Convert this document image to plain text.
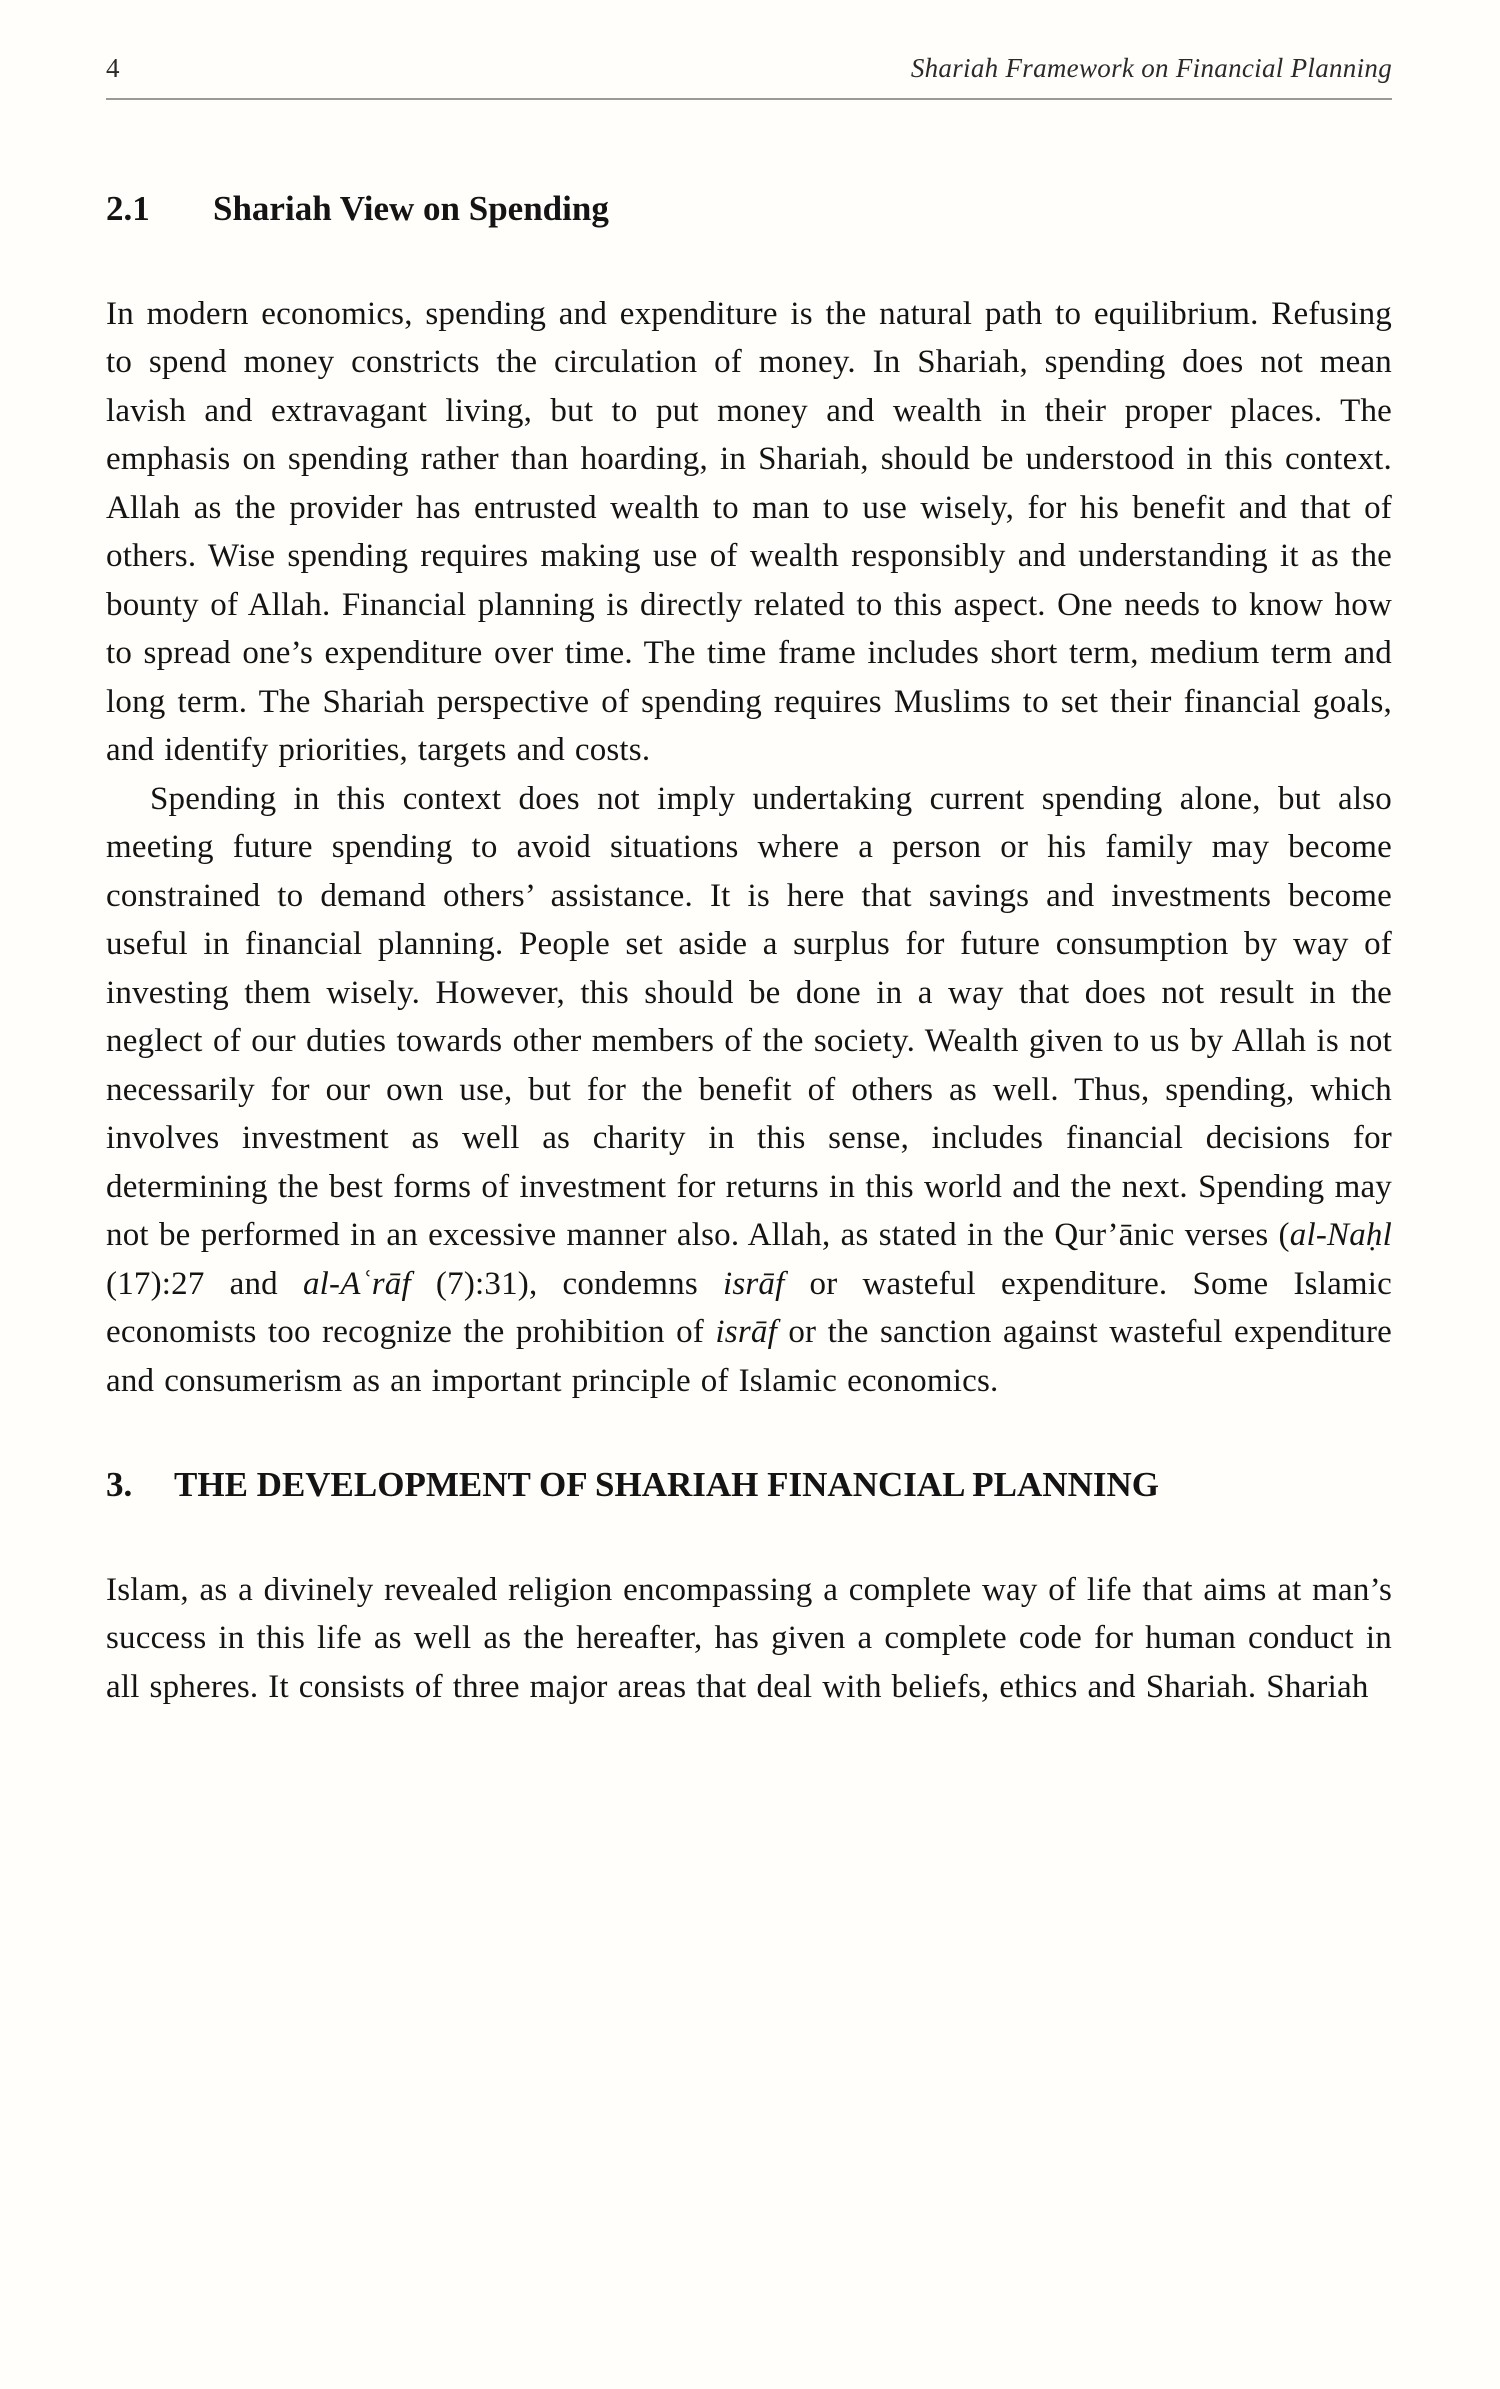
4	Shariah Framework on Financial Planning
2.1	Shariah View on Spending

In modern economics, spending and expenditure is the natural path to equilibrium. Refusing to spend money constricts the circulation of money. In Shariah, spending does not mean lavish and extravagant living, but to put money and wealth in their proper places. The emphasis on spending rather than hoarding, in Shariah, should be understood in this context. Allah as the provider has entrusted wealth to man to use wisely, for his benefit and that of others. Wise spending requires making use of wealth responsibly and understanding it as the bounty of Allah. Financial planning is directly related to this aspect. One needs to know how to spread one’s expenditure over time. The time frame includes short term, medium term and long term. The Shariah perspective of spending requires Muslims to set their financial goals, and identify priorities, targets and costs.

Spending in this context does not imply undertaking current spending alone, but also meeting future spending to avoid situations where a person or his family may become constrained to demand others’ assistance. It is here that savings and investments become useful in financial planning. People set aside a surplus for future consumption by way of investing them wisely. However, this should be done in a way that does not result in the neglect of our duties towards other members of the society. Wealth given to us by Allah is not necessarily for our own use, but for the benefit of others as well. Thus, spending, which involves investment as well as charity in this sense, includes financial decisions for determining the best forms of investment for returns in this world and the next. Spending may not be performed in an excessive manner also. Allah, as stated in the Qur’ānic verses (al-Naḥl (17):27 and al-Aʿrāf (7):31), condemns isrāf or wasteful expenditure. Some Islamic economists too recognize the prohibition of isrāf or the sanction against wasteful expenditure and consumerism as an important principle of Islamic economics.

3.	THE DEVELOPMENT OF SHARIAH FINANCIAL PLANNING

Islam, as a divinely revealed religion encompassing a complete way of life that aims at man’s success in this life as well as the hereafter, has given a complete code for human conduct in all spheres. It consists of three major areas that deal with beliefs, ethics and Shariah. Shariah
